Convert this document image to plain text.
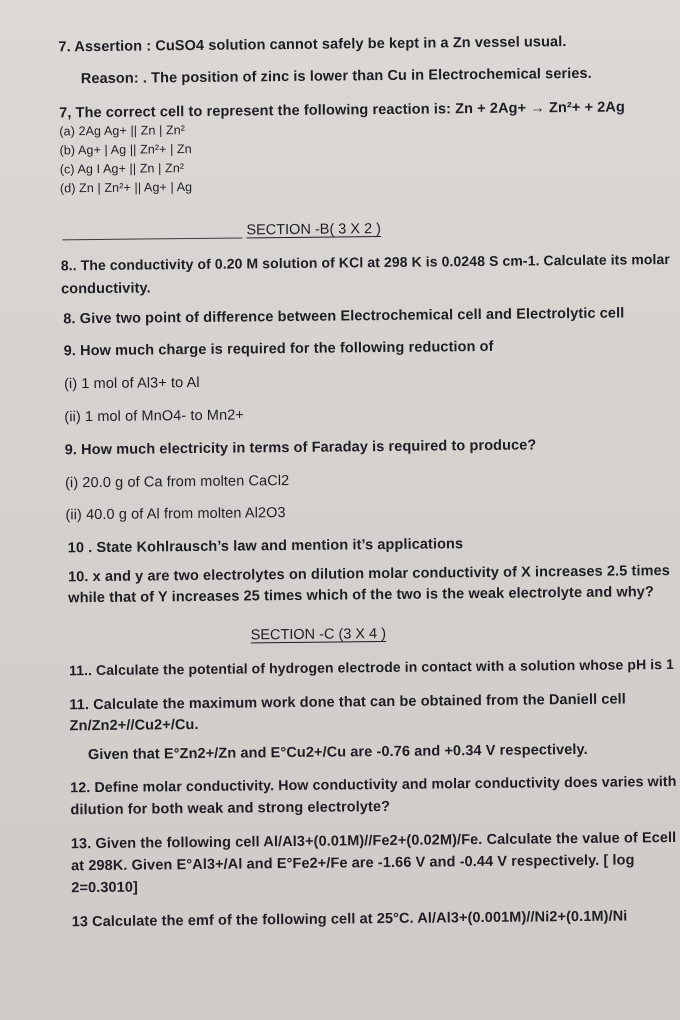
7. Assertion : CuSO4 solution cannot safely be kept in a Zn vessel usual.
Reason: . The position of zinc is lower than Cu in Electrochemical series.
7, The correct cell to represent the following reaction is: Zn + 2Ag+ → Zn²+ + 2Ag
(a) 2Ag Ag+ || Zn | Zn²
(b) Ag+ | Ag || Zn²+ | Zn
(c) Ag I Ag+ || Zn | Zn²
(d) Zn | Zn²+ || Ag+ | Ag
SECTION -B( 3 X 2 )
8.. The conductivity of 0.20 M solution of KCl at 298 K is 0.0248 S cm-1. Calculate its molar
conductivity.
8. Give two point of difference between Electrochemical cell and Electrolytic cell
9. How much charge is required for the following reduction of
(i) 1 mol of Al3+ to Al
(ii) 1 mol of MnO4- to Mn2+
9. How much electricity in terms of Faraday is required to produce?
(i) 20.0 g of Ca from molten CaCl2
(ii) 40.0 g of Al from molten Al2O3
10 . State Kohlrausch’s law and mention it’s applications
10. x and y are two electrolytes on dilution molar conductivity of X increases 2.5 times
while that of Y increases 25 times which of the two is the weak electrolyte and why?
SECTION -C (3 X 4 )
11.. Calculate the potential of hydrogen electrode in contact with a solution whose pH is 1
11. Calculate the maximum work done that can be obtained from the Daniell cell
Zn/Zn2+//Cu2+/Cu.
Given that E°Zn2+/Zn and E°Cu2+/Cu are -0.76 and +0.34 V respectively.
12. Define molar conductivity. How conductivity and molar conductivity does varies with
dilution for both weak and strong electrolyte?
13. Given the following cell Al/Al3+(0.01M)//Fe2+(0.02M)/Fe. Calculate the value of Ecell
at 298K. Given E°Al3+/Al and E°Fe2+/Fe are -1.66 V and -0.44 V respectively. [ log
2=0.3010]
13 Calculate the emf of the following cell at 25°C. Al/Al3+(0.001M)//Ni2+(0.1M)/Ni
